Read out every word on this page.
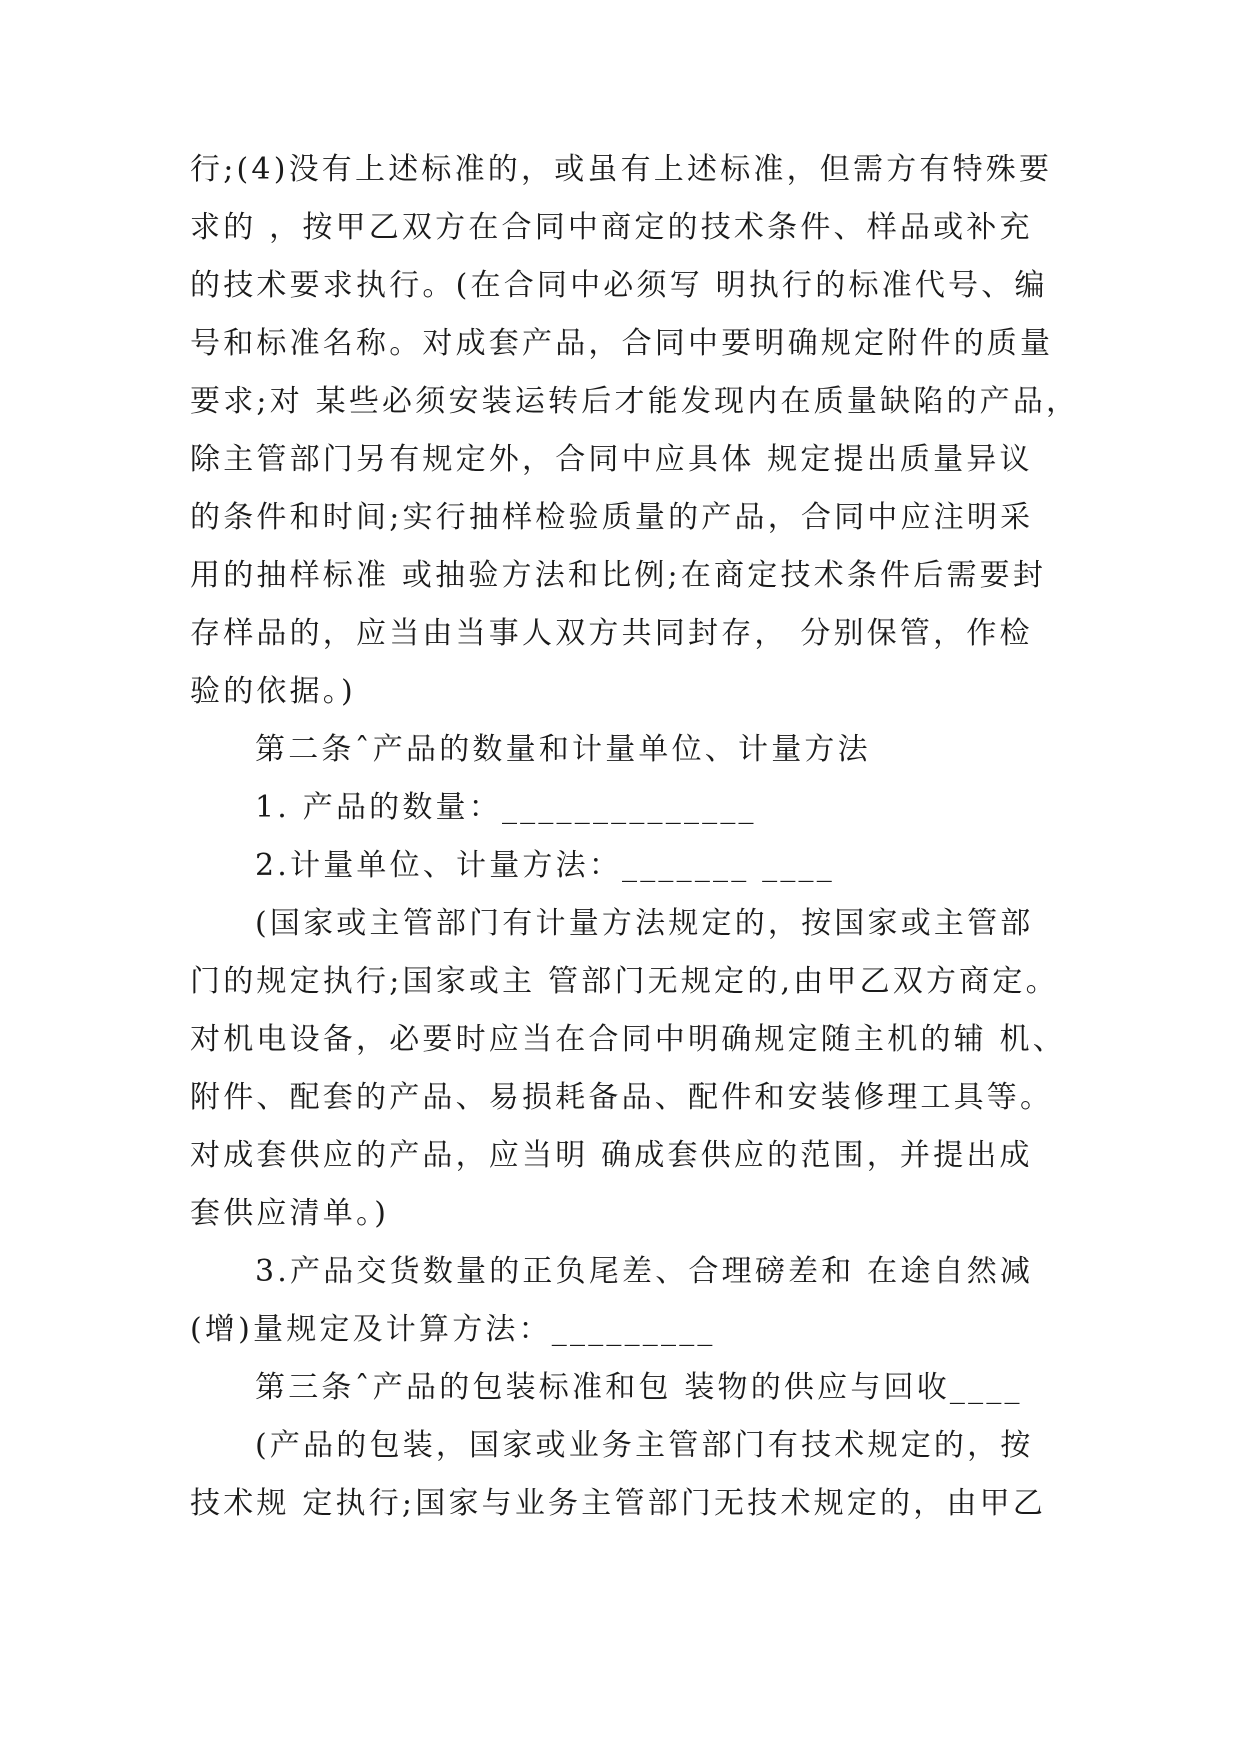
行;(4)没有上述标准的，或虽有上述标准，但需方有特殊要
求的 ，按甲乙双方在合同中商定的技术条件、样品或补充
的技术要求执行。(在合同中必须写 明执行的标准代号、编
号和标准名称。对成套产品，合同中要明确规定附件的质量
要求;对 某些必须安装运转后才能发现内在质量缺陷的产品，
除主管部门另有规定外，合同中应具体 规定提出质量异议
的条件和时间;实行抽样检验质量的产品，合同中应注明采
用的抽样标准 或抽验方法和比例;在商定技术条件后需要封
存样品的，应当由当事人双方共同封存， 分别保管，作检
验的依据。)
第二条ˆ产品的数量和计量单位、计量方法
1. 产品的数量：______________
2.计量单位、计量方法：_______ ____
(国家或主管部门有计量方法规定的，按国家或主管部
门的规定执行;国家或主 管部门无规定的,由甲乙双方商定。
对机电设备，必要时应当在合同中明确规定随主机的辅 机、
附件、配套的产品、易损耗备品、配件和安装修理工具等。
对成套供应的产品，应当明 确成套供应的范围，并提出成
套供应清单。)
3.产品交货数量的正负尾差、合理磅差和 在途自然减
(增)量规定及计算方法：_________
第三条ˆ产品的包装标准和包 装物的供应与回收____
(产品的包装，国家或业务主管部门有技术规定的，按
技术规 定执行;国家与业务主管部门无技术规定的，由甲乙
